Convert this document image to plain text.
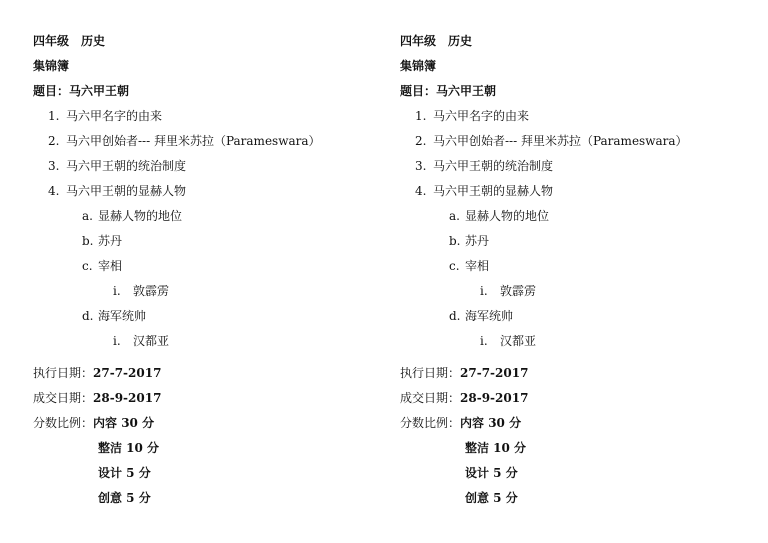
四年级　历史
集锦簿
题目：马六甲王朝
1. 马六甲名字的由来
2. 马六甲创始者--- 拜里米苏拉（Parameswara）
3. 马六甲王朝的统治制度
4. 马六甲王朝的显赫人物
a. 显赫人物的地位
b. 苏丹
c. 宰相
i. 敦霹雳
d. 海军统帅
i. 汉都亚
执行日期：27-7-2017
成交日期：28-9-2017
分数比例：内容 30 分
整洁 10 分
设计 5 分
创意 5 分
四年级　历史
集锦簿
题目：马六甲王朝
1. 马六甲名字的由来
2. 马六甲创始者--- 拜里米苏拉（Parameswara）
3. 马六甲王朝的统治制度
4. 马六甲王朝的显赫人物
a. 显赫人物的地位
b. 苏丹
c. 宰相
i. 敦霹雳
d. 海军统帅
i. 汉都亚
执行日期：27-7-2017
成交日期：28-9-2017
分数比例：内容 30 分
整洁 10 分
设计 5 分
创意 5 分
